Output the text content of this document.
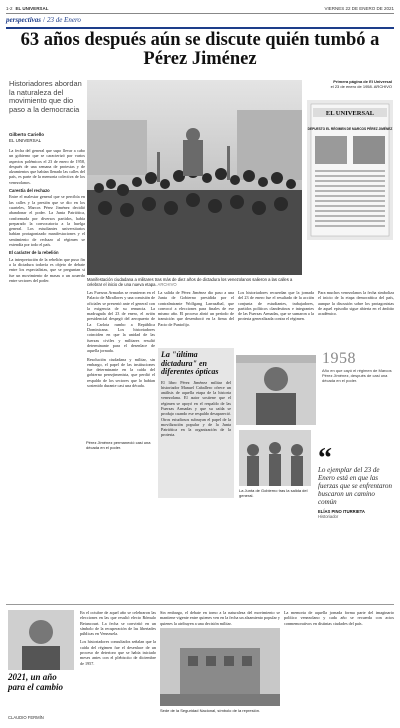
1-2 EL UNIVERSAL	VIERNES 22 DE ENERO DE 2021
perspectivas / 23 de Enero
63 años después aún se discute quién tumbó a Pérez Jiménez
Historiadores abordan la naturaleza del movimiento que dio paso a la democracia
Gilberto Cariello
EL UNIVERSAL

La fecha del general que supo llevar a cabo un gobierno que se caracterizó por varios aspectos polémicos el 23 de enero de 1958, después de una semana de protestas y de alzamientos que habían llenado las calles del país, es parte de la memoria colectiva de los venezolanos.

Carestía del rechazo

Entre el malestar general que se percibía en las calles y la presión que se dio en los cuarteles, Marcos Pérez Jiménez decidió abandonar el poder. La Junta Patriótica, conformada por diversos partidos, había preparado la convocatoria a la huelga general. Los estudiantes universitarios habían protagonizado manifestaciones y el sentimiento de rechazo al régimen se extendía por todo el país.

El carácter de la rebelión

La interpretación de la rebelión que puso fin a la dictadura todavía es objeto de debate entre los especialistas, que se preguntan si fue un movimiento de masas o un acuerdo entre sectores del poder.	Manifestación ciudadana a militares tras más de diez años de dictadura los venezolanos salieron a las calles a celebrar el inicio de una nueva etapa. ARCHIVO
Primera página de El Universal
el 23 de enero de 1958. ARCHIVO
EL UNIVERSAL
DEPUESTO EL RÉGIMEN DE MARCOS PÉREZ JIMÉNEZ

Las Fuerzas Armadas se reunieron en el Palacio de Miraflores y una comisión de oficiales se presentó ante el general con la exigencia de su renuncia. La madrugada del 23 de enero, el avión presidencial despegó del aeropuerto de La Carlota rumbo a República Dominicana. Los historiadores coinciden en que la unidad de las fuerzas civiles y militares resultó determinante para el desenlace de aquella jornada.

Resolución ciudadana y militar, sin embargo, el papel de las instituciones fue determinante en la caída del gobierno perezjimenista, que perdió el respaldo de los sectores que lo habían sostenido durante casi una década.

La salida de Pérez Jiménez dio paso a una Junta de Gobierno presidida por el contralmirante Wolfgang Larrazábal, que convocó a elecciones para finales de ese mismo año. El proceso abrió un período de transición que desembocó en la firma del Pacto de Puntofijo.

Los historiadores recuerdan que la jornada del 23 de enero fue el resultado de la acción conjunta de estudiantes, trabajadores, partidos políticos clandestinos e integrantes de las Fuerzas Armadas, que se sumaron a la protesta generalizada contra el régimen.

Para muchos venezolanos la fecha simboliza el inicio de la etapa democrática del país, aunque la discusión sobre los protagonistas de aquel episodio sigue abierta en el ámbito académico.

La "última dictadura" en diferentes ópticas
El libro Pérez Jiménez militar del historiador Manuel Caballero ofrece un análisis de aquella etapa de la historia venezolana. El autor sostiene que el régimen se apoyó en el respaldo de las Fuerzas Armadas y que su caída se produjo cuando ese respaldo desapareció. Otros estudiosos subrayan el papel de la movilización popular y de la Junta Patriótica en la organización de la protesta.
Pérez Jiménez permaneció casi una década en el poder.
1958
Año en que cayó el régimen de Marcos Pérez Jiménez, después de casi una década en el poder.
La Junta de Gobierno tras la salida del general.
“
Lo ejemplar del 23 de Enero está en que las fuerzas que se enfrentaron buscaron un camino común
ELÍAS PINO ITURRIETA
Historiador
2021, un año para el cambio
CLAUDIO FERMÍN

En el octubre de aquel año se celebraron las elecciones en las que resultó electo Rómulo Betancourt. La fecha se convirtió en un símbolo de la recuperación de las libertades públicas en Venezuela.

Los historiadores consultados señalan que la caída del régimen fue el desenlace de un proceso de deterioro que se había iniciado meses antes con el plebiscito de diciembre de 1957.

Sin embargo, el debate en torno a la naturaleza del movimiento se mantiene vigente entre quienes ven en la fecha un alzamiento popular y quienes la atribuyen a una decisión militar.

Sede de la Seguridad Nacional, símbolo de la represión.

La memoria de aquella jornada forma parte del imaginario político venezolano y cada año se recuerda con actos conmemorativos en distintas ciudades del país.
